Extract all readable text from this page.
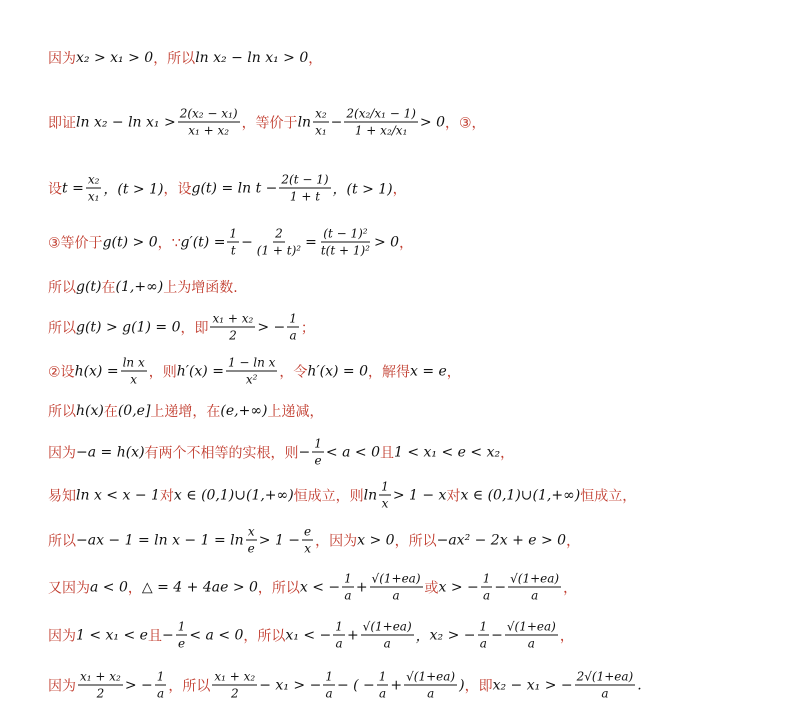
因为 x₂ > x₁ > 0 ，所以 ln x₂ − ln x₁ > 0 ，
即证 $\ln x_2 - \ln x_1 > \frac{\text{2(x₂ − x₁)}}{\text{x₁ + x₂}}$ ，等价于 $\ln \frac{\text{x₂}}{\text{x₁}} - \frac{\text{2(x₂/x₁ − 1)}}{\text{1 + x₂/x₁}} > 0$ ，③，
设 $t = \frac{\text{x₂}}{\text{x₁}}$ ，(t > 1) ，设 $g(t) = \ln t - \frac{2(t - 1)}{1 + t}$ ，(t > 1) ，
③等价于 g(t) > 0 ，∵ $g'(t) = \frac{1}{t} - \frac{2}{\text{(1 + t)²}} = \frac{\text{(t − 1)²}}{\text{t(t + 1)²}} > 0$ ，
所以 g(t) 在 (1,+∞) 上为增函数.
所以 g(t) > g(1) = 0 ，即 $\frac{\text{x₁ + x₂}}{2}$ > − $\frac{1}{a}$ ；
②设 $h(x) = \frac{\text{ln x}}{x}$ ，则 $h'(x) = \frac{\text{1 − ln x}}{\text{x²}}$ ，令 h′(x) = 0 ，解得 x = e ，
所以 h(x) 在 (0,e] 上递增，在 (e,+∞) 上递减，
因为 −a = h(x) 有两个不相等的实根，则 − $\frac{1}{e} < a < 0$ 且 1 < x₁ < e < x₂ ，
易知 ln x < x − 1 对 x ∈ (0,1)∪(1,+∞) 恒成立，则 $\ln \frac{1}{x} > 1 - x$ 对 x ∈ (0,1)∪(1,+∞) 恒成立，
所以 $-ax - 1 = \ln x - 1 = \ln \frac{x}{e} > 1 - \frac{e}{x}$ ，因为 x > 0 ，所以 −ax² − 2x + e > 0 ，
又因为 a < 0 ， △ = 4 + 4ae > 0 ，所以 x < − $\frac{1}{a} + \frac{√(1+ea)}{a}$ 或 x > − $\frac{1}{a} - \frac{√(1+ea)}{a}$ ，
因为 1 < x₁ < e 且 − $\frac{1}{e} < a < 0$ ，所以 x₁ < − $\frac{1}{a} + \frac{√(1+ea)}{a}$ ， x₂ > − $\frac{1}{a} - \frac{√(1+ea)}{a}$ ，
因为 $\frac{\text{x₁ + x₂}}{2}$ > − $\frac{1}{a}$ ，所以 $\frac{\text{x₁ + x₂}}{2} - x_1$ > − $\frac{1}{a}$ − ( − $\frac{1}{a} + \frac{√(1+ea)}{a}$ ) ，即 x₂ − x₁ > − $\frac{2√(1+ea)}{a}$ .
